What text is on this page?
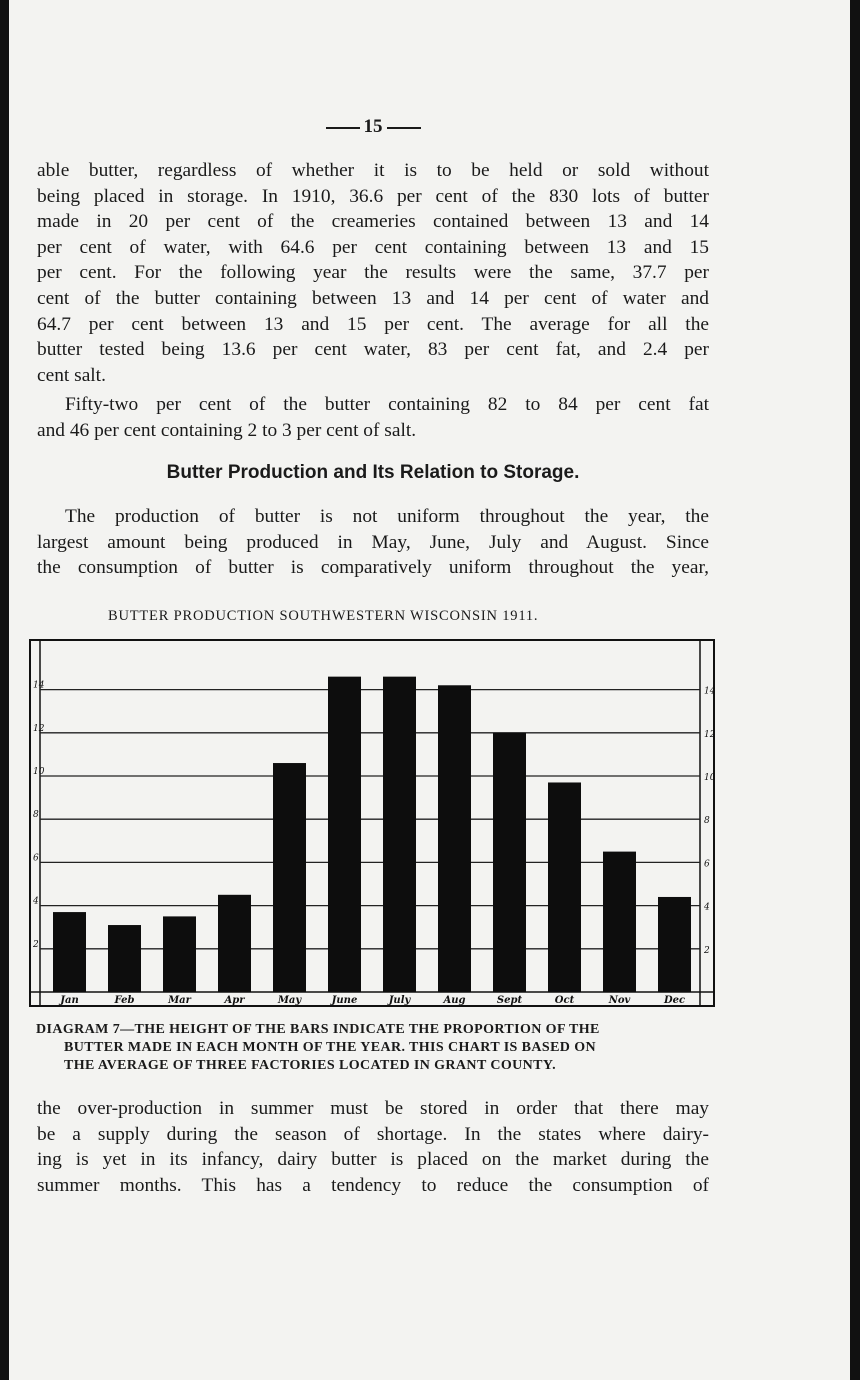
15
able butter, regardless of whether it is to be held or sold without
being placed in storage. In 1910, 36.6 per cent of the 830 lots of butter
made in 20 per cent of the creameries contained between 13 and 14
per cent of water, with 64.6 per cent containing between 13 and 15
per cent. For the following year the results were the same, 37.7 per
cent of the butter containing between 13 and 14 per cent of water and
64.7 per cent between 13 and 15 per cent. The average for all the
butter tested being 13.6 per cent water, 83 per cent fat, and 2.4 per
cent salt.
Fifty-two per cent of the butter containing 82 to 84 per cent fat
and 46 per cent containing 2 to 3 per cent of salt.
Butter Production and Its Relation to Storage.
The production of butter is not uniform throughout the year, the
largest amount being produced in May, June, July and August. Since
the consumption of butter is comparatively uniform throughout the year,
BUTTER PRODUCTION SOUTHWESTERN WISCONSIN 1911.
2
2
4
4
6
6
8
8
10
10
12
12
14
14
Jan	Feb	Mar	Apr	May	June	July	Aug	Sept	Oct	Nov	Dec
DIAGRAM 7—THE HEIGHT OF THE BARS INDICATE THE PROPORTION OF THE
BUTTER MADE IN EACH MONTH OF THE YEAR. THIS CHART IS BASED ON
THE AVERAGE OF THREE FACTORIES LOCATED IN GRANT COUNTY.
the over-production in summer must be stored in order that there may
be a supply during the season of shortage. In the states where dairy-
ing is yet in its infancy, dairy butter is placed on the market during the
summer months. This has a tendency to reduce the consumption of
